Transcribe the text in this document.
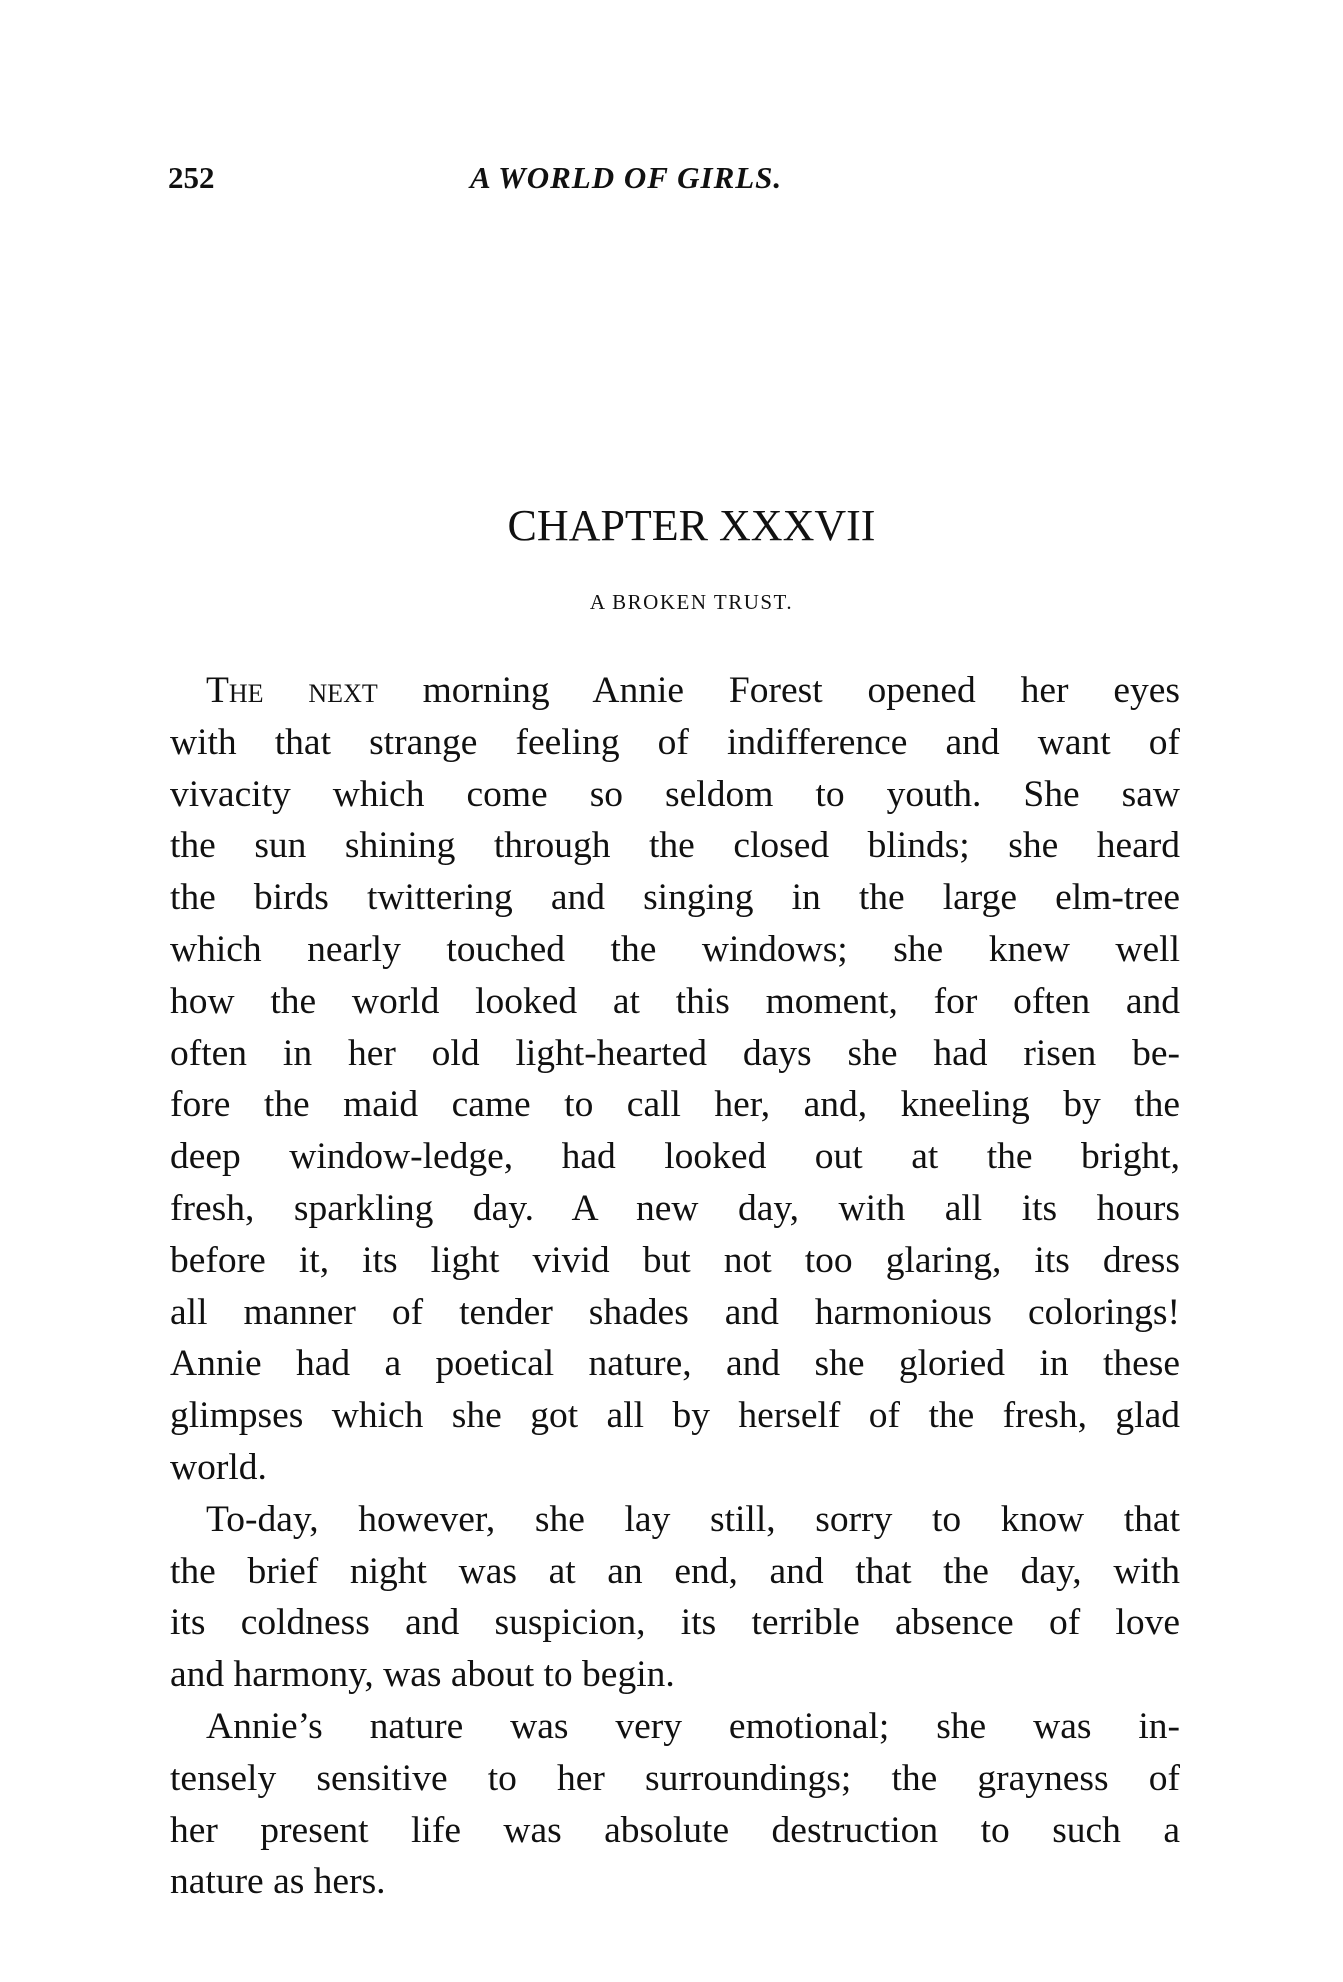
252	A WORLD OF GIRLS.
CHAPTER XXXVII
A BROKEN TRUST.
The next morning Annie Forest opened her eyes
with that strange feeling of indifference and want of
vivacity which come so seldom to youth. She saw
the sun shining through the closed blinds; she heard
the birds twittering and singing in the large elm-tree
which nearly touched the windows; she knew well
how the world looked at this moment, for often and
often in her old light-hearted days she had risen be-
fore the maid came to call her, and, kneeling by the
deep window-ledge, had looked out at the bright,
fresh, sparkling day. A new day, with all its hours
before it, its light vivid but not too glaring, its dress
all manner of tender shades and harmonious colorings!
Annie had a poetical nature, and she gloried in these
glimpses which she got all by herself of the fresh, glad
world.
To-day, however, she lay still, sorry to know that
the brief night was at an end, and that the day, with
its coldness and suspicion, its terrible absence of love
and harmony, was about to begin.
Annie’s nature was very emotional; she was in-
tensely sensitive to her surroundings; the grayness of
her present life was absolute destruction to such a
nature as hers.
